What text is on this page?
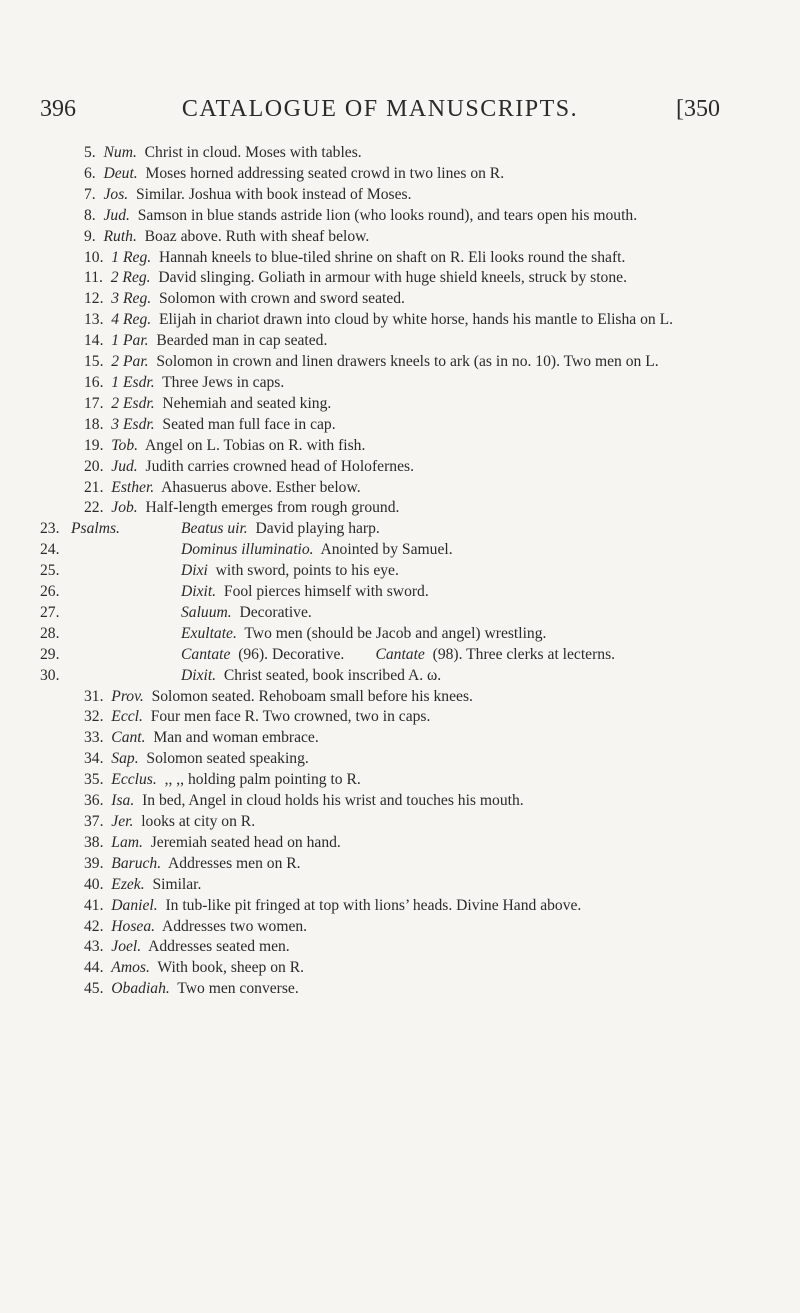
396	CATALOGUE OF MANUSCRIPTS.	[350
5. Num. Christ in cloud. Moses with tables.
6. Deut. Moses horned addressing seated crowd in two lines on R.
7. Jos. Similar. Joshua with book instead of Moses.
8. Jud. Samson in blue stands astride lion (who looks round), and tears open his mouth.
9. Ruth. Boaz above. Ruth with sheaf below.
10. 1 Reg. Hannah kneels to blue-tiled shrine on shaft on R. Eli looks round the shaft.
11. 2 Reg. David slinging. Goliath in armour with huge shield kneels, struck by stone.
12. 3 Reg. Solomon with crown and sword seated.
13. 4 Reg. Elijah in chariot drawn into cloud by white horse, hands his mantle to Elisha on L.
14. 1 Par. Bearded man in cap seated.
15. 2 Par. Solomon in crown and linen drawers kneels to ark (as in no. 10). Two men on L.
16. 1 Esdr. Three Jews in caps.
17. 2 Esdr. Nehemiah and seated king.
18. 3 Esdr. Seated man full face in cap.
19. Tob. Angel on L. Tobias on R. with fish.
20. Jud. Judith carries crowned head of Holofernes.
21. Esther. Ahasuerus above. Esther below.
22. Job. Half-length emerges from rough ground.
23. Psalms.	Beatus uir. David playing harp.
24.	Dominus illuminatio. Anointed by Samuel.
25.	Dixi with sword, points to his eye.
26.	Dixit. Fool pierces himself with sword.
27.	Saluum. Decorative.
28.	Exultate. Two men (should be Jacob and angel) wrestling.
29.	Cantate (96). Decorative. Cantate (98). Three clerks at lecterns.
30.	Dixit. Christ seated, book inscribed A. ω.
31. Prov. Solomon seated. Rehoboam small before his knees.
32. Eccl. Four men face R. Two crowned, two in caps.
33. Cant. Man and woman embrace.
34. Sap. Solomon seated speaking.
35. Ecclus. ,, ,, holding palm pointing to R.
36. Isa. In bed, Angel in cloud holds his wrist and touches his mouth.
37. Jer. looks at city on R.
38. Lam. Jeremiah seated head on hand.
39. Baruch. Addresses men on R.
40. Ezek. Similar.
41. Daniel. In tub-like pit fringed at top with lions’ heads. Divine Hand above.
42. Hosea. Addresses two women.
43. Joel. Addresses seated men.
44. Amos. With book, sheep on R.
45. Obadiah. Two men converse.
